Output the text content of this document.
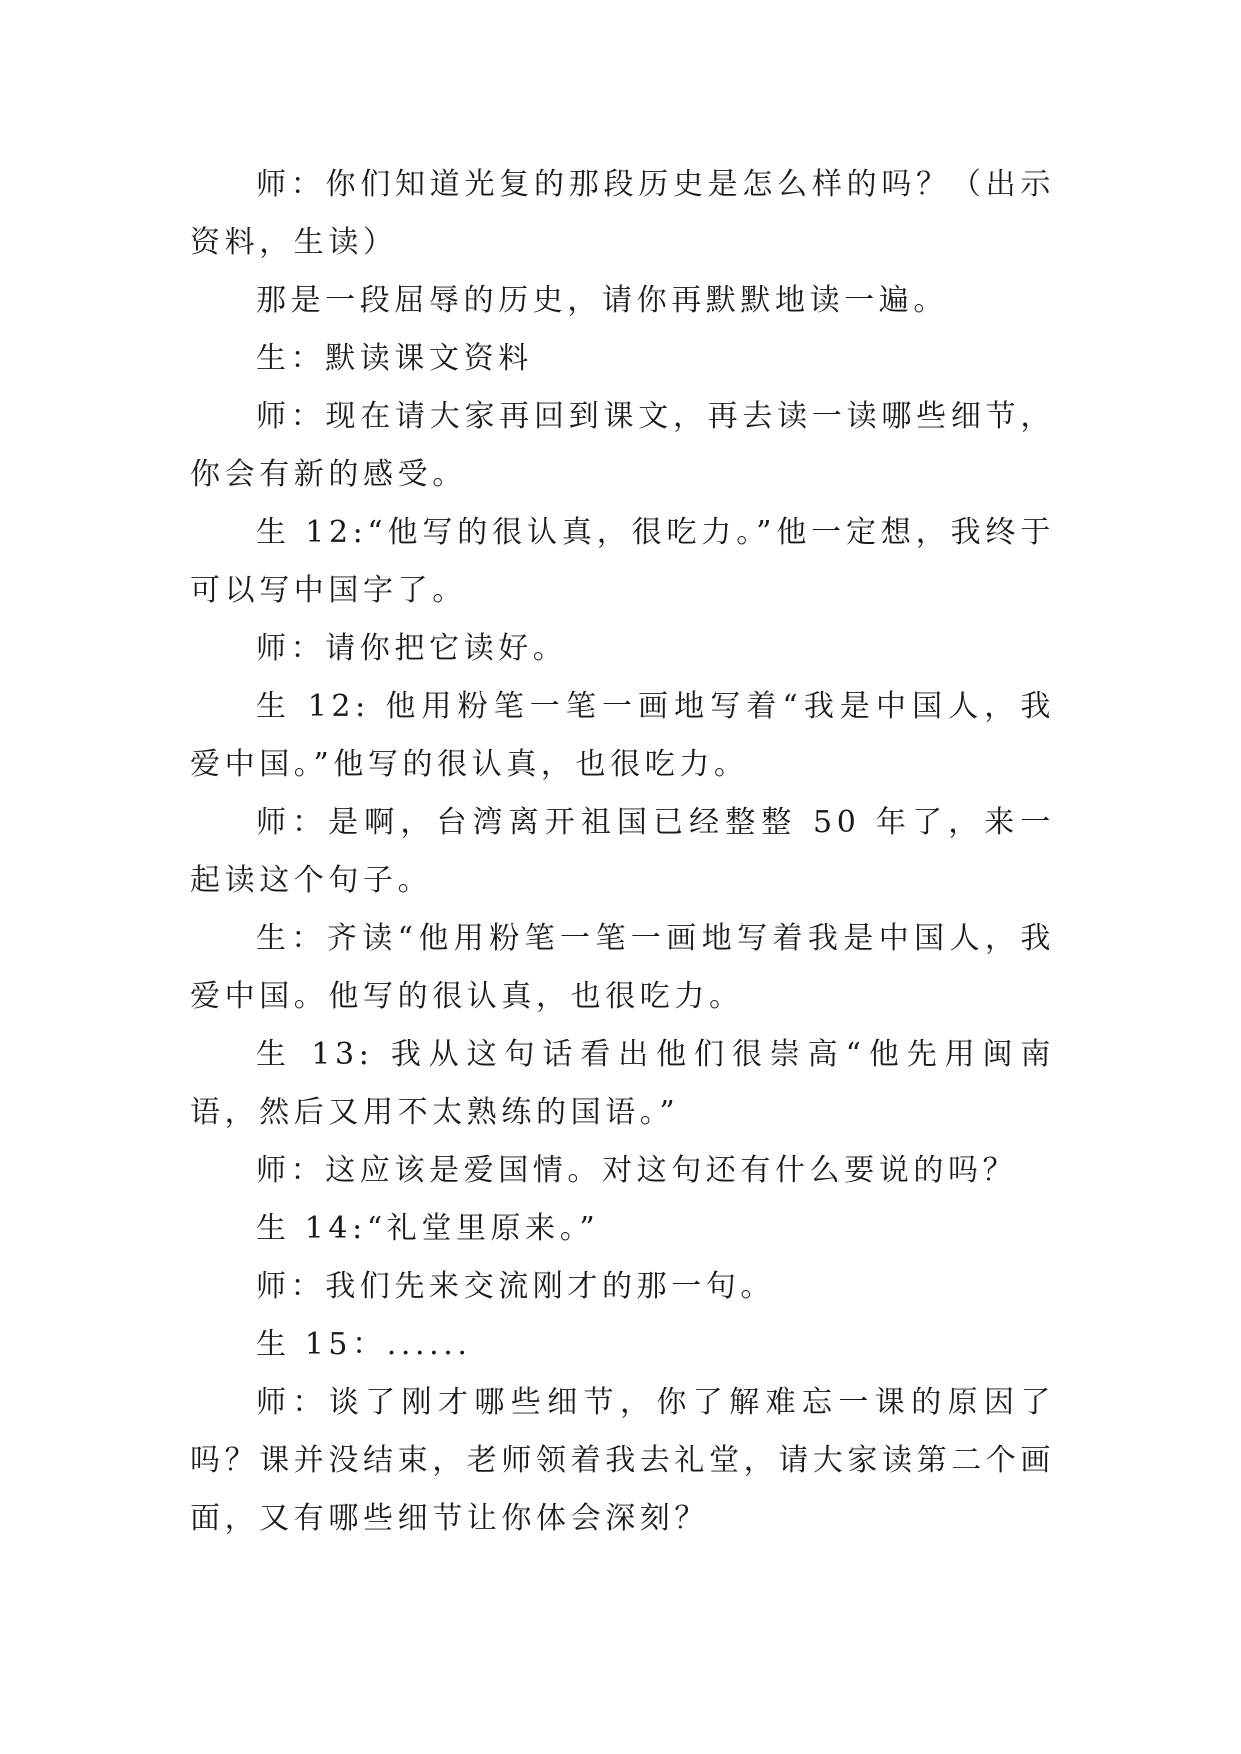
师：你们知道光复的那段历史是怎么样的吗？（出示资料，生读）

那是一段屈辱的历史，请你再默默地读一遍。

生：默读课文资料

师：现在请大家再回到课文，再去读一读哪些细节，你会有新的感受。

生 12:“他写的很认真，很吃力。”他一定想，我终于可以写中国字了。

师：请你把它读好。

生 12: 他用粉笔一笔一画地写着“我是中国人，我爱中国。”他写的很认真，也很吃力。

师：是啊，台湾离开祖国已经整整 50 年了，来一起读这个句子。

生：齐读“他用粉笔一笔一画地写着我是中国人，我爱中国。他写的很认真，也很吃力。

生 13: 我从这句话看出他们很崇高“他先用闽南语，然后又用不太熟练的国语。”

师：这应该是爱国情。对这句还有什么要说的吗？

生 14:“礼堂里原来。”

师：我们先来交流刚才的那一句。

生 15：......

师：谈了刚才哪些细节，你了解难忘一课的原因了吗？课并没结束，老师领着我去礼堂，请大家读第二个画面，又有哪些细节让你体会深刻？
